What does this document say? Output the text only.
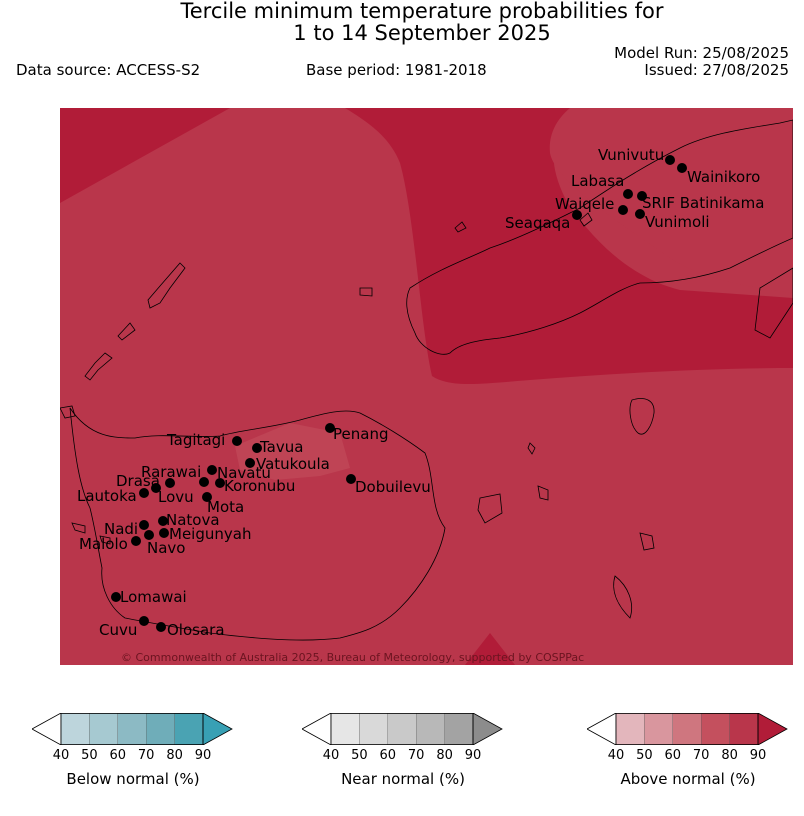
Tercile minimum temperature probabilities for
1 to 14 September 2025
Data source: ACCESS-S2	Base period: 1981-2018
Model Run: 25/08/2025
Issued: 27/08/2025
Vunivutu
Wainikoro
Labasa
Waiqele SRIF Batinikama
Seaqaqa	Vunimoli
Tagitagi	Penang
Tavua
Vatukoula
Rarawai Navatu
Koronubu
Drasa
Lautoka Lovu
Mota
Dobuilevu
Nadi Natova
Meigunyah
Malolo Navo
Lomawai
Cuvu Olosara
© Commonwealth of Australia 2025, Bureau of Meteorology, supported by COSPPac
40 50 60 70 80 90
Below normal (%)
40 50 60 70 80 90
Near normal (%)
40 50 60 70 80 90
Above normal (%)
